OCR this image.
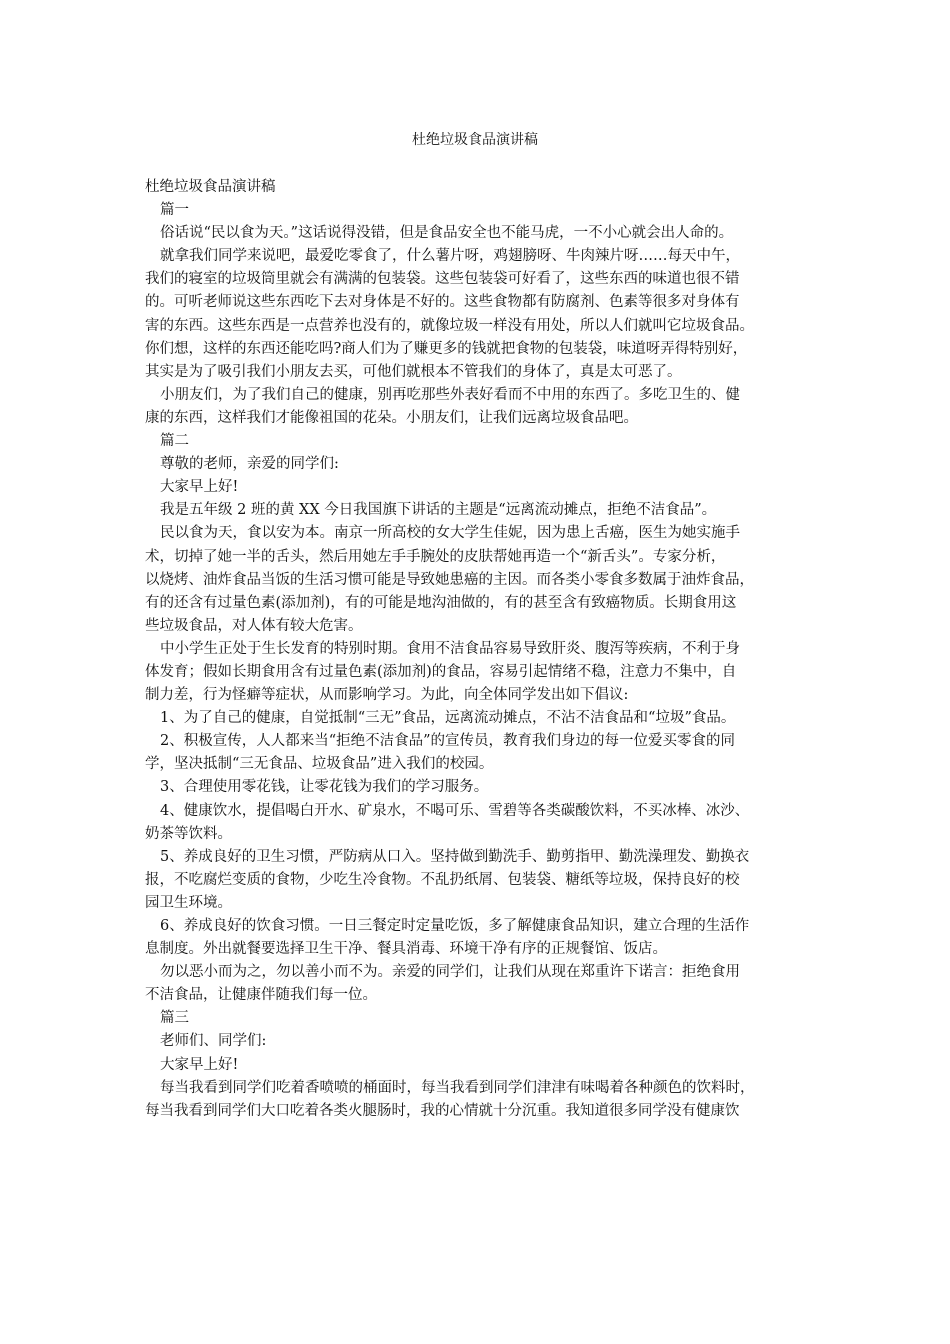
杜绝垃圾食品演讲稿
杜绝垃圾食品演讲稿
篇一
俗话说“民以食为天。”这话说得没错，但是食品安全也不能马虎，一不小心就会出人命的。
就拿我们同学来说吧，最爱吃零食了，什么薯片呀，鸡翅膀呀、牛肉辣片呀……每天中午，
我们的寝室的垃圾筒里就会有满满的包装袋。这些包装袋可好看了，这些东西的味道也很不错
的。可听老师说这些东西吃下去对身体是不好的。这些食物都有防腐剂、色素等很多对身体有
害的东西。这些东西是一点营养也没有的，就像垃圾一样没有用处，所以人们就叫它垃圾食品。
你们想，这样的东西还能吃吗?商人们为了赚更多的钱就把食物的包装袋，味道呀弄得特别好，
其实是为了吸引我们小朋友去买，可他们就根本不管我们的身体了，真是太可恶了。
小朋友们，为了我们自己的健康，别再吃那些外表好看而不中用的东西了。多吃卫生的、健
康的东西，这样我们才能像祖国的花朵。小朋友们，让我们远离垃圾食品吧。
篇二
尊敬的老师，亲爱的同学们:
大家早上好!
我是五年级 2 班的黄 XX 今日我国旗下讲话的主题是“远离流动摊点，拒绝不洁食品”。
民以食为天，食以安为本。南京一所高校的女大学生佳妮，因为患上舌癌，医生为她实施手
术，切掉了她一半的舌头，然后用她左手手腕处的皮肤帮她再造一个“新舌头”。专家分析，
以烧烤、油炸食品当饭的生活习惯可能是导致她患癌的主因。而各类小零食多数属于油炸食品，
有的还含有过量色素(添加剂)，有的可能是地沟油做的，有的甚至含有致癌物质。长期食用这
些垃圾食品，对人体有较大危害。
中小学生正处于生长发育的特别时期。食用不洁食品容易导致肝炎、腹泻等疾病，不利于身
体发育；假如长期食用含有过量色素(添加剂)的食品，容易引起情绪不稳，注意力不集中，自
制力差，行为怪癖等症状，从而影响学习。为此，向全体同学发出如下倡议:
1、为了自己的健康，自觉抵制“三无”食品，远离流动摊点，不沾不洁食品和“垃圾”食品。
2、积极宣传，人人都来当“拒绝不洁食品”的宣传员，教育我们身边的每一位爱买零食的同
学，坚决抵制“三无食品、垃圾食品”进入我们的校园。
3、合理使用零花钱，让零花钱为我们的学习服务。
4、健康饮水，提倡喝白开水、矿泉水，不喝可乐、雪碧等各类碳酸饮料，不买冰棒、冰沙、
奶茶等饮料。
5、养成良好的卫生习惯，严防病从口入。坚持做到勤洗手、勤剪指甲、勤洗澡理发、勤换衣
报，不吃腐烂变质的食物，少吃生冷食物。不乱扔纸屑、包装袋、糖纸等垃圾，保持良好的校
园卫生环境。
6、养成良好的饮食习惯。一日三餐定时定量吃饭，多了解健康食品知识，建立合理的生活作
息制度。外出就餐要选择卫生干净、餐具消毒、环境干净有序的正规餐馆、饭店。
勿以恶小而为之，勿以善小而不为。亲爱的同学们，让我们从现在郑重许下诺言：拒绝食用
不洁食品，让健康伴随我们每一位。
篇三
老师们、同学们:
大家早上好!
每当我看到同学们吃着香喷喷的桶面时，每当我看到同学们津津有味喝着各种颜色的饮料时，
每当我看到同学们大口吃着各类火腿肠时，我的心情就十分沉重。我知道很多同学没有健康饮
